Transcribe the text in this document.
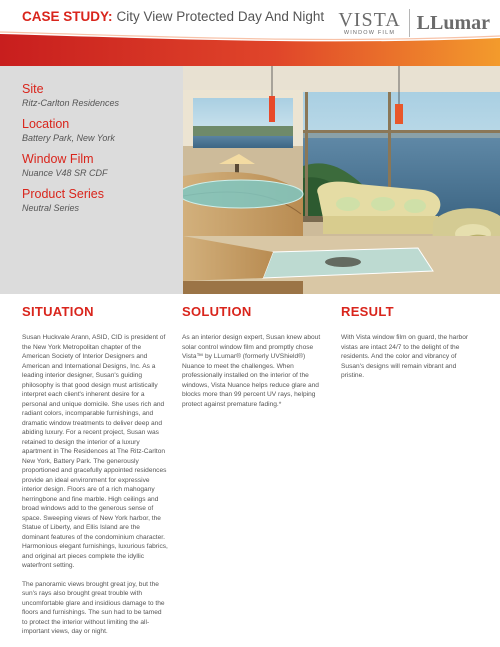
CASE STUDY: City View Protected Day And Night VISTA
WINDOW FILM LLumar
Site
Ritz-Carlton Residences
Location
Battery Park, New York
Window Film
Nuance V48 SR CDF
Product Series
Neutral Series
SITUATION

Susan Huckvale Arann, ASID, CID is president of the New York Metropolitan chapter of the American Society of Interior Designers and American and International Designs, Inc. As a leading interior designer, Susan's guiding philosophy is that good design must artistically interpret each client's inherent desire for a personal and unique domicile. She uses rich and radiant colors, incomparable furnishings, and dramatic window treatments to deliver deep and abiding luxury. For a recent project, Susan was retained to design the interior of a luxury apartment in The Residences at The Ritz-Carlton New York, Battery Park. The generously proportioned and gracefully appointed residences provide an ideal environment for expressive interior design. Floors are of a rich mahogany herringbone and fine marble. High ceilings and broad windows add to the generous sense of space. Sweeping views of New York harbor, the Statue of Liberty, and Ellis Island are the dominant features of the condominium character. Harmonious elegant furnishings, luxurious fabrics, and original art pieces complete the idyllic waterfront setting.

The panoramic views brought great joy, but the sun's rays also brought great trouble with uncomfortable glare and insidious damage to the floors and furnishings. The sun had to be tamed to protect the interior without limiting the all-important views, day or night.

SOLUTION

As an interior design expert, Susan knew about solar control window film and promptly chose Vista™ by LLumar® (formerly UVShield®) Nuance to meet the challenges. When professionally installed on the interior of the windows, Vista Nuance helps reduce glare and blocks more than 99 percent UV rays, helping protect against premature fading.*

RESULT

With Vista window film on guard, the harbor vistas are intact 24/7 to the delight of the residents. And the color and vibrancy of Susan's designs will remain vibrant and pristine.
